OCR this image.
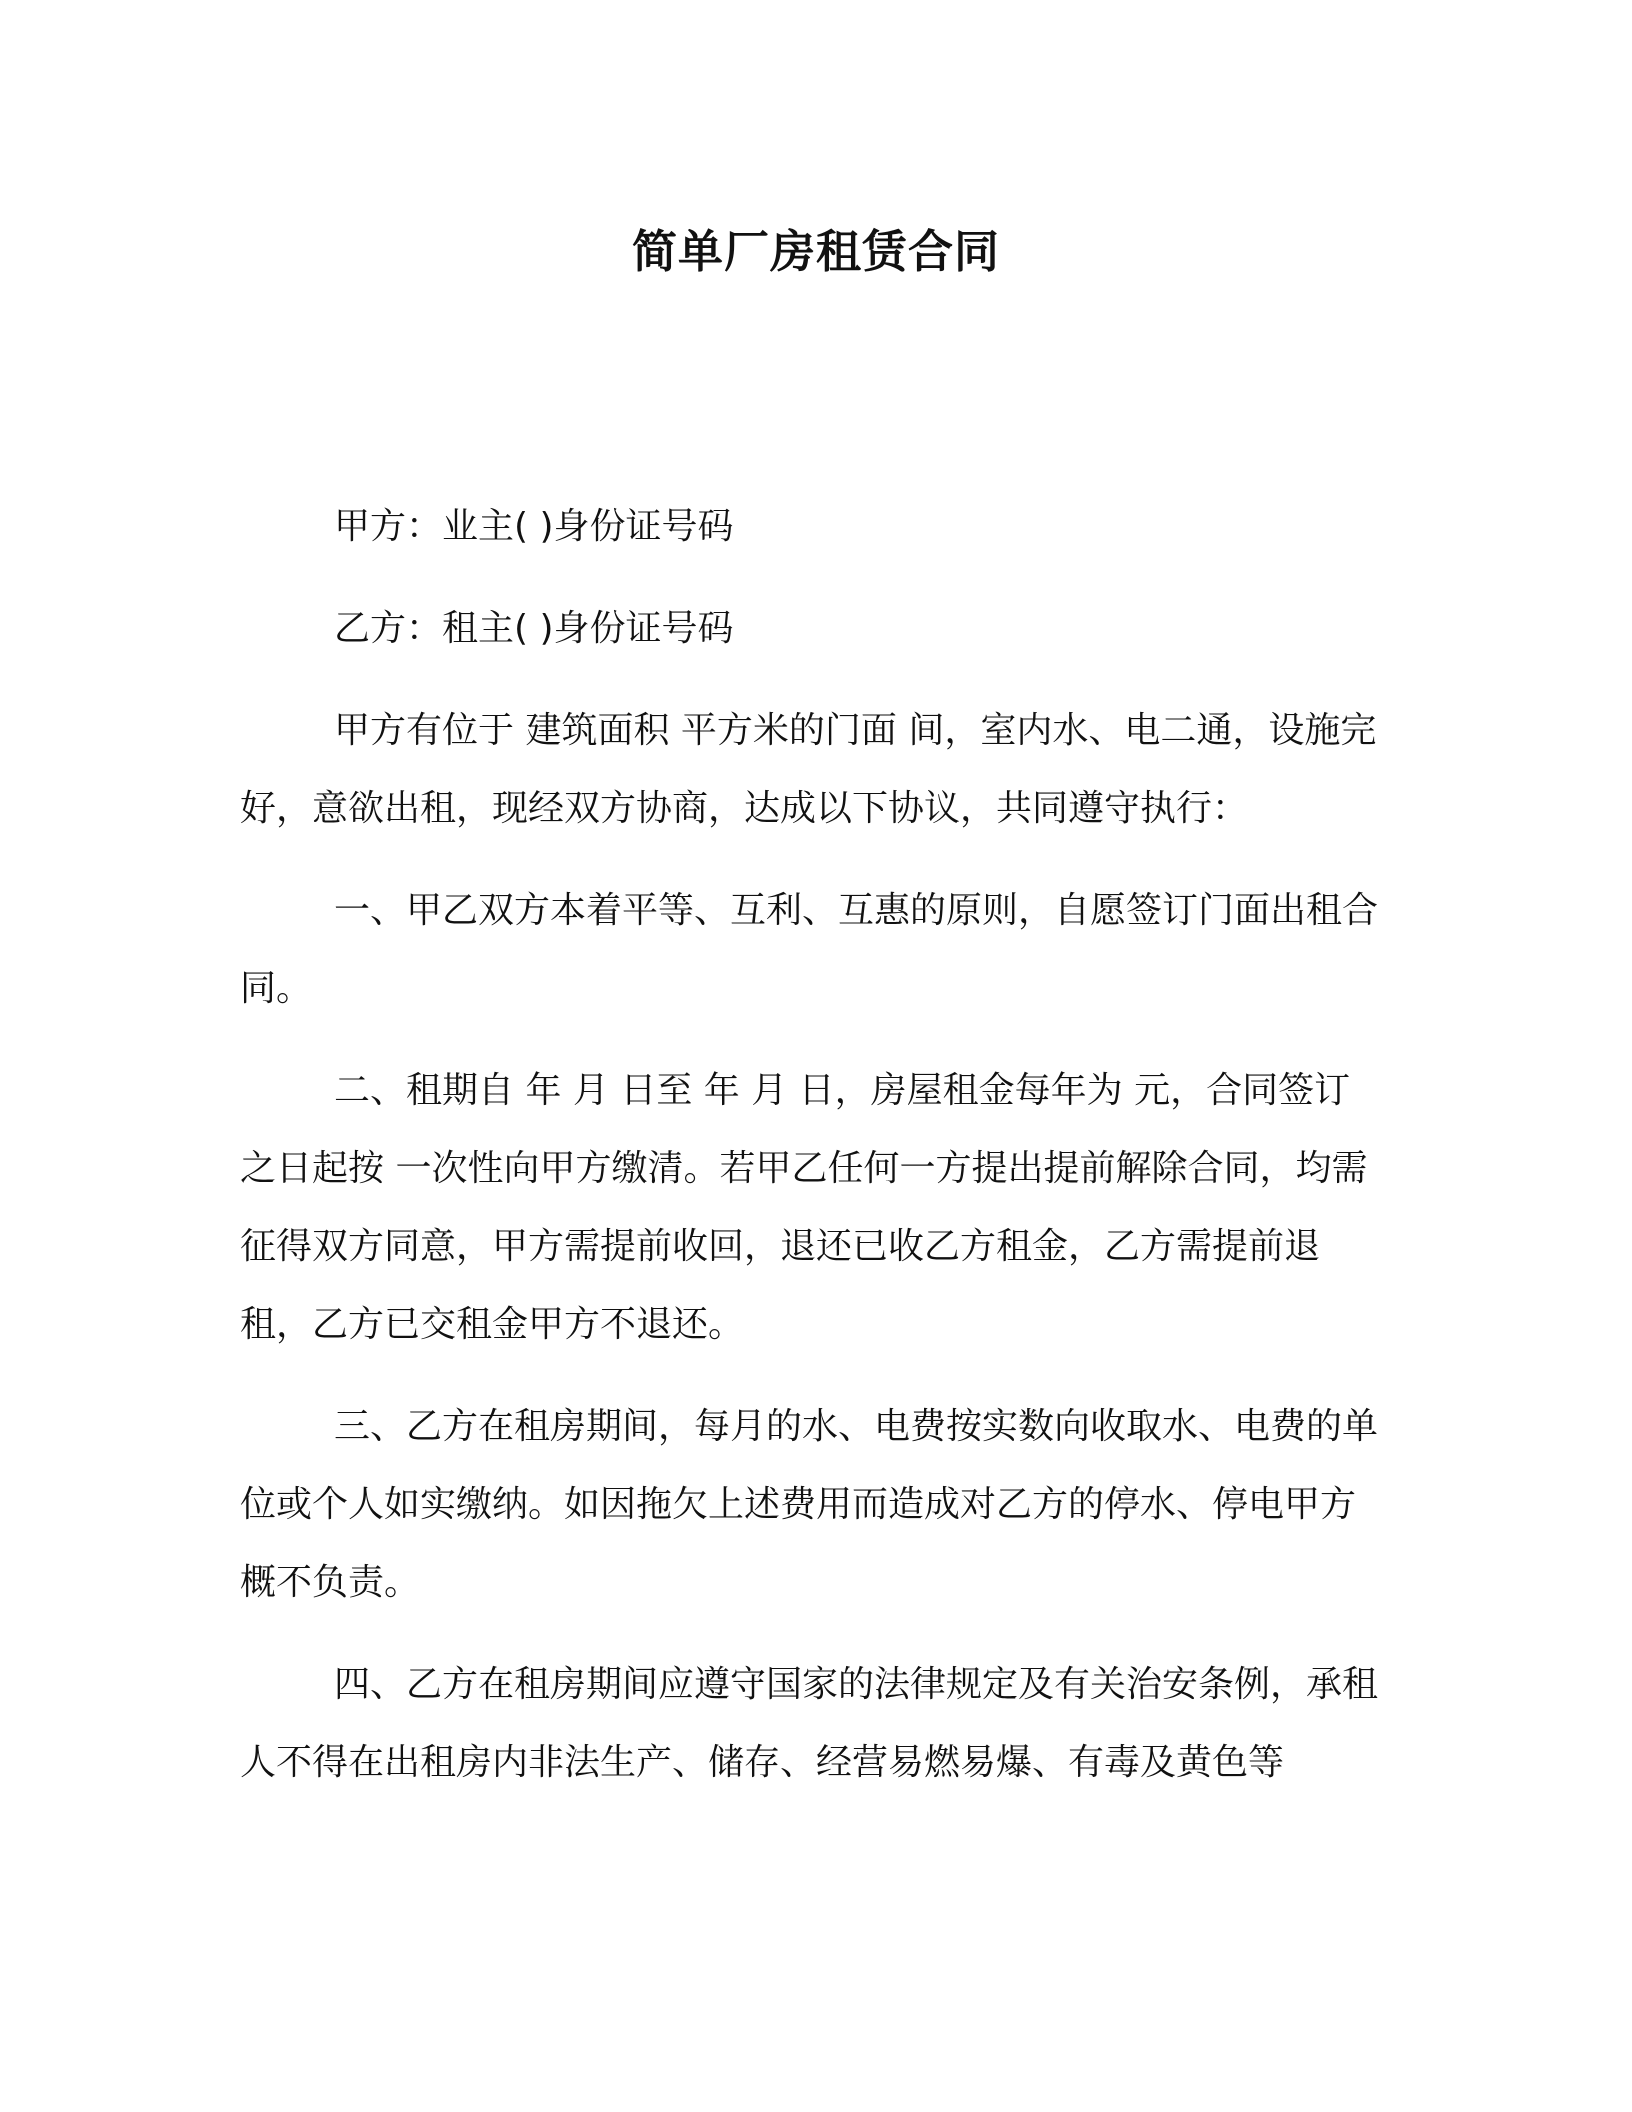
简单厂房租赁合同

甲方：业主( )身份证号码

乙方：租主( )身份证号码

甲方有位于 建筑面积 平方米的门面 间，室内水、电二通，设施完好，意欲出租，现经双方协商，达成以下协议，共同遵守执行：

一、甲乙双方本着平等、互利、互惠的原则，自愿签订门面出租合同。

二、租期自 年 月 日至 年 月 日，房屋租金每年为 元，合同签订之日起按 一次性向甲方缴清。若甲乙任何一方提出提前解除合同，均需征得双方同意，甲方需提前收回，退还已收乙方租金，乙方需提前退租，乙方已交租金甲方不退还。

三、乙方在租房期间，每月的水、电费按实数向收取水、电费的单位或个人如实缴纳。如因拖欠上述费用而造成对乙方的停水、停电甲方概不负责。

四、乙方在租房期间应遵守国家的法律规定及有关治安条例，承租人不得在出租房内非法生产、储存、经营易燃易爆、有毒及黄色等
